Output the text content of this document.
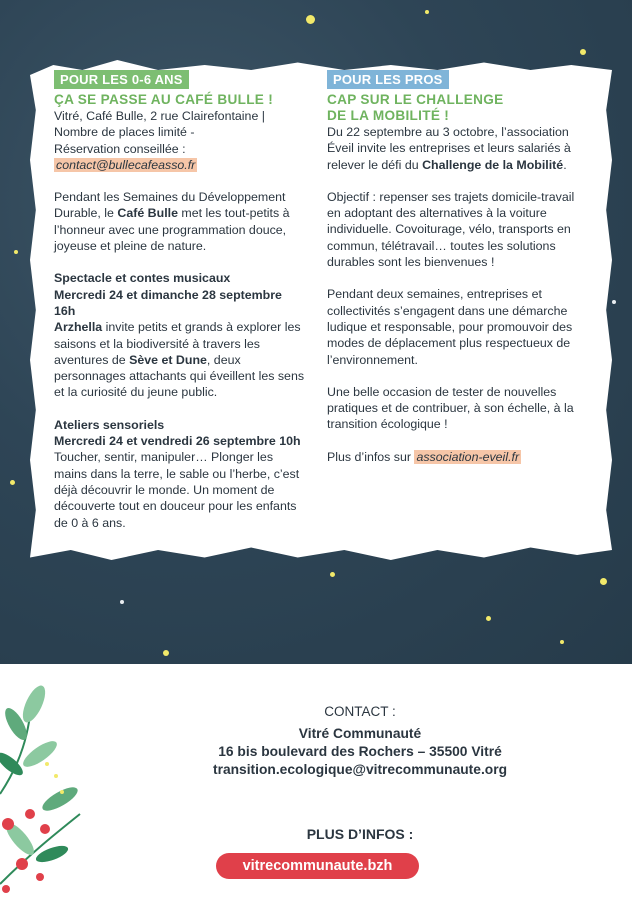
POUR LES 0-6 ANS
ÇA SE PASSE AU CAFÉ BULLE !

Vitré, Café Bulle, 2 rue Clairefontaine |

Nombre de places limité -

Réservation conseillée :

contact@bullecafeasso.fr

Pendant les Semaines du Développement Durable, le Café Bulle met les tout-petits à l’honneur avec une programmation douce, joyeuse et pleine de nature.

Spectacle et contes musicaux

Mercredi 24 et dimanche 28 septembre 16h

Arzhella invite petits et grands à explorer les saisons et la biodiversité à travers les aventures de Sève et Dune, deux personnages attachants qui éveillent les sens et la curiosité du jeune public.

Ateliers sensoriels

Mercredi 24 et vendredi 26 septembre 10h

Toucher, sentir, manipuler… Plonger les mains dans la terre, le sable ou l’herbe, c’est déjà découvrir le monde. Un moment de découverte tout en douceur pour les enfants de 0 à 6 ans.

POUR LES PROS
CAP SUR LE CHALLENGE
DE LA MOBILITÉ !

Du 22 septembre au 3 octobre, l’association Éveil invite les entreprises et leurs salariés à relever le défi du Challenge de la Mobilité.

Objectif : repenser ses trajets domicile-travail en adoptant des alternatives à la voiture individuelle. Covoiturage, vélo, transports en commun, télétravail… toutes les solutions durables sont les bienvenues !

Pendant deux semaines, entreprises et collectivités s’engagent dans une démarche ludique et responsable, pour promouvoir des modes de déplacement plus respectueux de l’environnement.

Une belle occasion de tester de nouvelles pratiques et de contribuer, à son échelle, à la transition écologique !

Plus d’infos sur association-eveil.fr

CONTACT :
Vitré Communauté
16 bis boulevard des Rochers – 35500 Vitré
transition.ecologique@vitrecommunaute.org
PLUS D’INFOS :
vitrecommunaute.bzh
